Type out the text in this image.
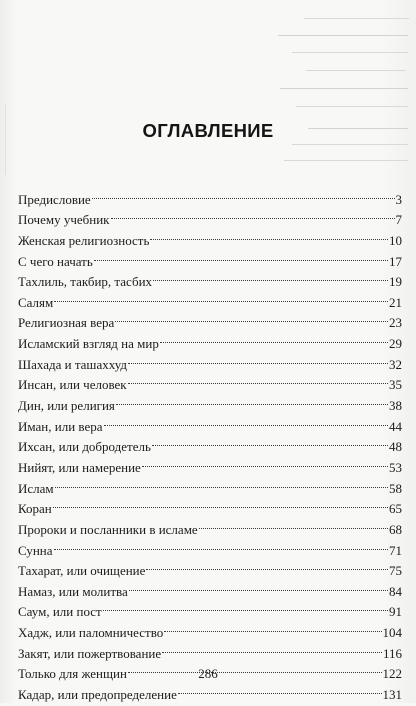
ОГЛАВЛЕНИЕ
Предисловие	3
Почему учебник	7
Женская религиозность	10
С чего начать	17
Тахлиль, такбир, тасбих	19
Салям	21
Религиозная вера	23
Исламский взгляд на мир	29
Шахада и ташаххуд	32
Инсан, или человек	35
Дин, или религия	38
Иман, или вера	44
Ихсан, или добродетель	48
Нийят, или намерение	53
Ислам	58
Коран	65
Пророки и посланники в исламе	68
Сунна	71
Тахарат, или очищение	75
Намаз, или молитва	84
Саум, или пост	91
Хадж, или паломничество	104
Закят, или пожертвование	116
Только для женщин	122
Кадар, или предопределение	131
286
